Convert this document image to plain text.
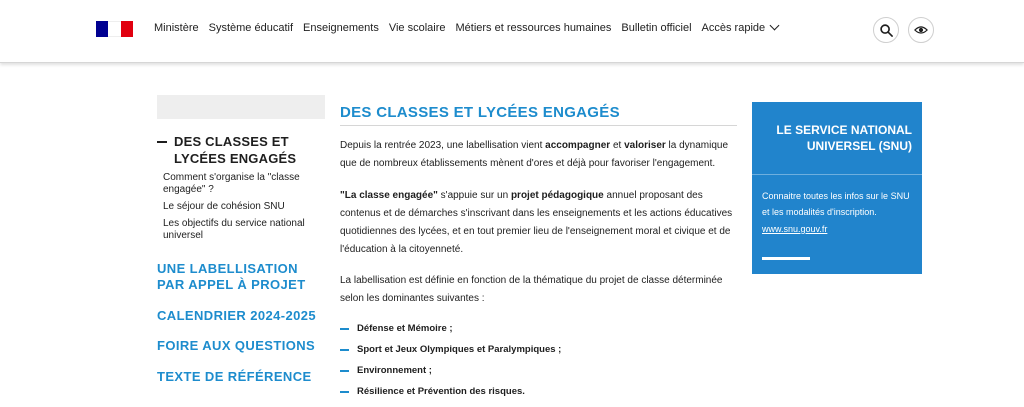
Ministère Système éducatif Enseignements Vie scolaire Métiers et ressources humaines Bulletin officiel Accès rapide
DES CLASSES ET LYCÉES ENGAGÉS
Comment s'organise la "classe engagée" ?
Le séjour de cohésion SNU
Les objectifs du service national universel
UNE LABELLISATION PAR APPEL À PROJET
CALENDRIER 2024-2025
FOIRE AUX QUESTIONS
TEXTE DE RÉFÉRENCE
DES CLASSES ET LYCÉES ENGAGÉS
Depuis la rentrée 2023, une labellisation vient accompagner et valoriser la dynamique que de nombreux établissements mènent d'ores et déjà pour favoriser l'engagement.
"La classe engagée" s'appuie sur un projet pédagogique annuel proposant des contenus et de démarches s'inscrivant dans les enseignements et les actions éducatives quotidiennes des lycées, et en tout premier lieu de l'enseignement moral et civique et de l'éducation à la citoyenneté.
La labellisation est définie en fonction de la thématique du projet de classe déterminée selon les dominantes suivantes :
Défense et Mémoire ;
Sport et Jeux Olympiques et Paralympiques ;
Environnement ;
Résilience et Prévention des risques.
LE SERVICE NATIONAL UNIVERSEL (SNU)
Connaitre toutes les infos sur le SNU et les modalités d'inscription.
www.snu.gouv.fr
